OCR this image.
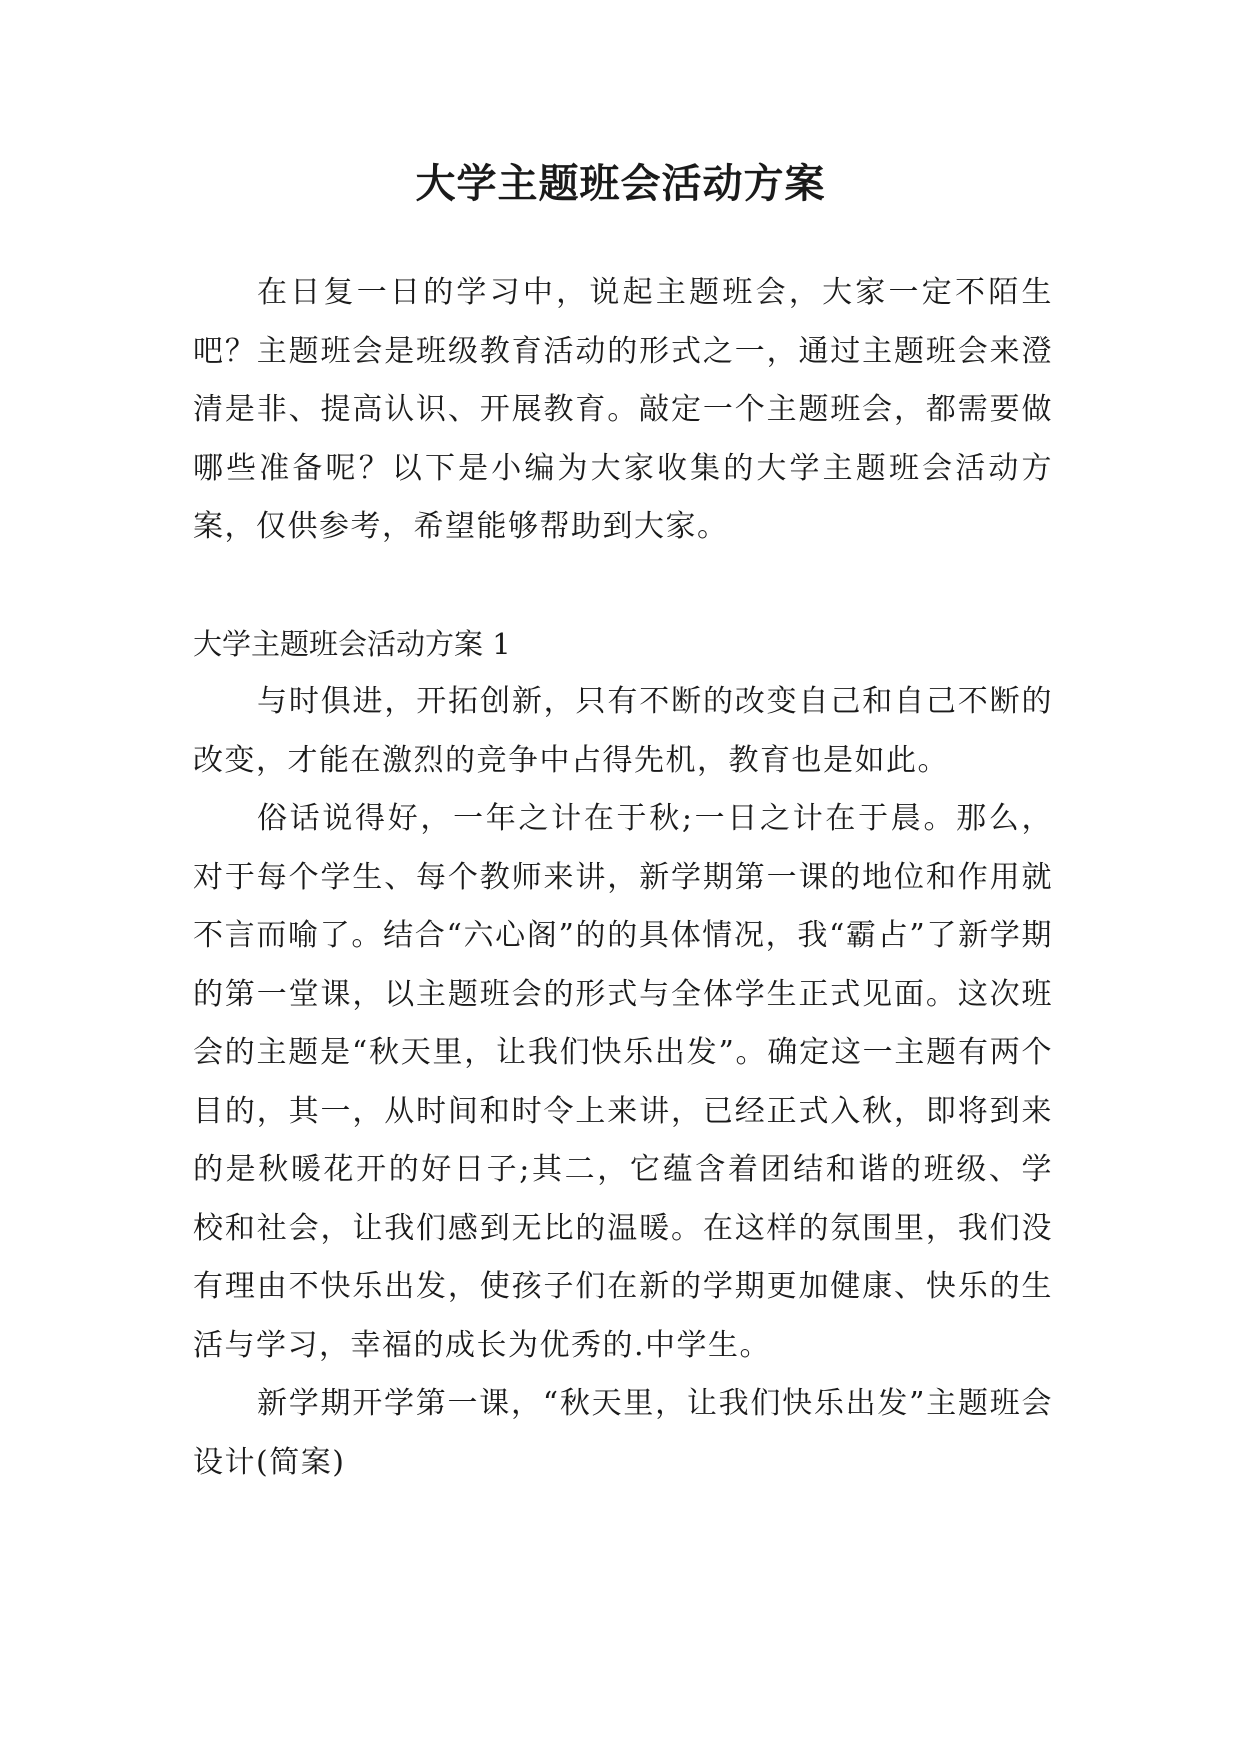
大学主题班会活动方案

在日复一日的学习中，说起主题班会，大家一定不陌生吧？主题班会是班级教育活动的形式之一，通过主题班会来澄清是非、提高认识、开展教育。敲定一个主题班会，都需要做哪些准备呢？以下是小编为大家收集的大学主题班会活动方案，仅供参考，希望能够帮助到大家。

大学主题班会活动方案 1

与时俱进，开拓创新，只有不断的改变自己和自己不断的改变，才能在激烈的竞争中占得先机，教育也是如此。

俗话说得好，一年之计在于秋;一日之计在于晨。那么，对于每个学生、每个教师来讲，新学期第一课的地位和作用就不言而喻了。结合“六心阁”的的具体情况，我“霸占”了新学期的第一堂课，以主题班会的形式与全体学生正式见面。这次班会的主题是“秋天里，让我们快乐出发”。确定这一主题有两个目的，其一，从时间和时令上来讲，已经正式入秋，即将到来的是秋暖花开的好日子;其二，它蕴含着团结和谐的班级、学校和社会，让我们感到无比的温暖。在这样的氛围里，我们没有理由不快乐出发，使孩子们在新的学期更加健康、快乐的生活与学习，幸福的成长为优秀的.中学生。

新学期开学第一课，“秋天里，让我们快乐出发”主题班会设计(简案)
